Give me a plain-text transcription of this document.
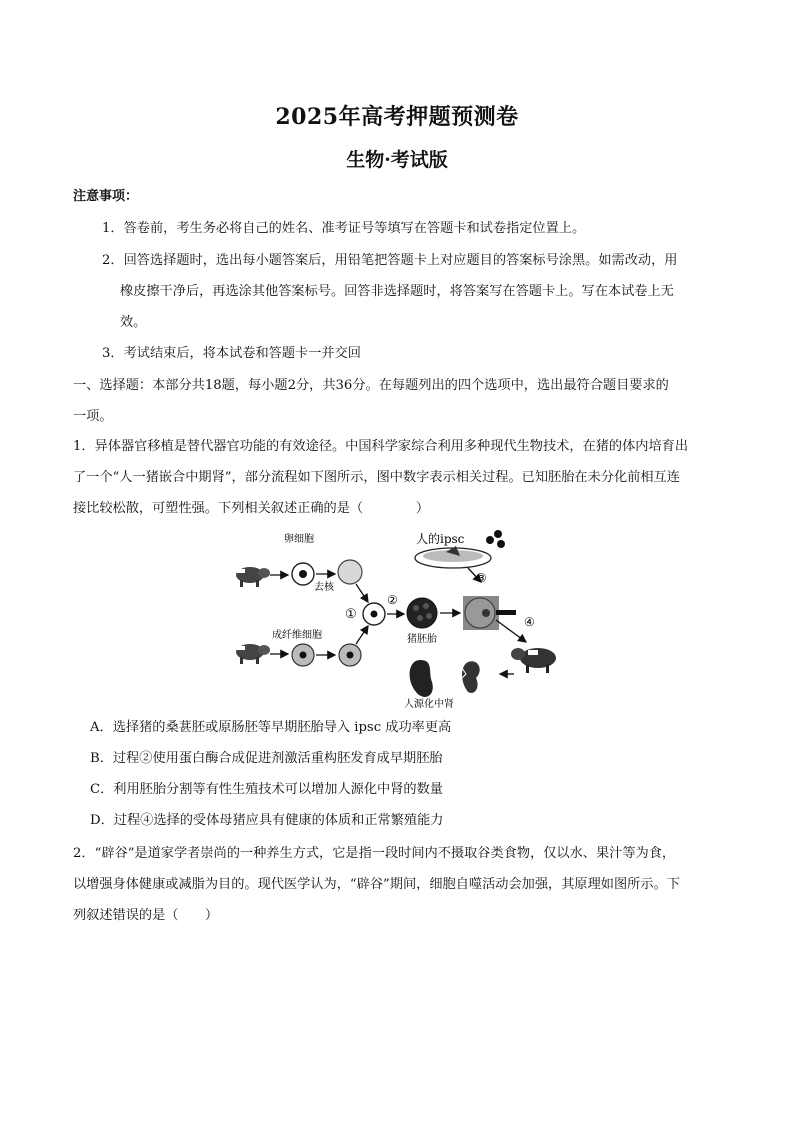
2025年高考押题预测卷
生物·考试版
注意事项：
1．答卷前，考生务必将自己的姓名、准考证号等填写在答题卡和试卷指定位置上。
2．回答选择题时，选出每小题答案后，用铅笔把答题卡上对应题目的答案标号涂黑。如需改动，用
橡皮擦干净后，再选涂其他答案标号。回答非选择题时，将答案写在答题卡上。写在本试卷上无
效。
3．考试结束后，将本试卷和答题卡一并交回
一、选择题：本部分共18题，每小题2分，共36分。在每题列出的四个选项中，选出最符合题目要求的
一项。
1．异体器官移植是替代器官功能的有效途径。中国科学家综合利用多种现代生物技术，在猪的体内培育出
了一个“人一猪嵌合中期肾”，部分流程如下图所示，图中数字表示相关过程。已知胚胎在未分化前相互连
接比较松散，可塑性强。下列相关叙述正确的是（　　　　）
卵细胞
去核
成纤维细胞
①
②
猪胚胎
人的ipsc
③
④
人源化中肾
A．选择猪的桑葚胚或原肠胚等早期胚胎导入 ipsc 成功率更高
B．过程②使用蛋白酶合成促进剂激活重构胚发育成早期胚胎
C．利用胚胎分割等有性生殖技术可以增加人源化中肾的数量
D．过程④选择的受体母猪应具有健康的体质和正常繁殖能力
2．“辟谷”是道家学者崇尚的一种养生方式，它是指一段时间内不摄取谷类食物，仅以水、果汁等为食，
以增强身体健康或减脂为目的。现代医学认为，“辟谷”期间，细胞自噬活动会加强，其原理如图所示。下
列叙述错误的是（　　）
